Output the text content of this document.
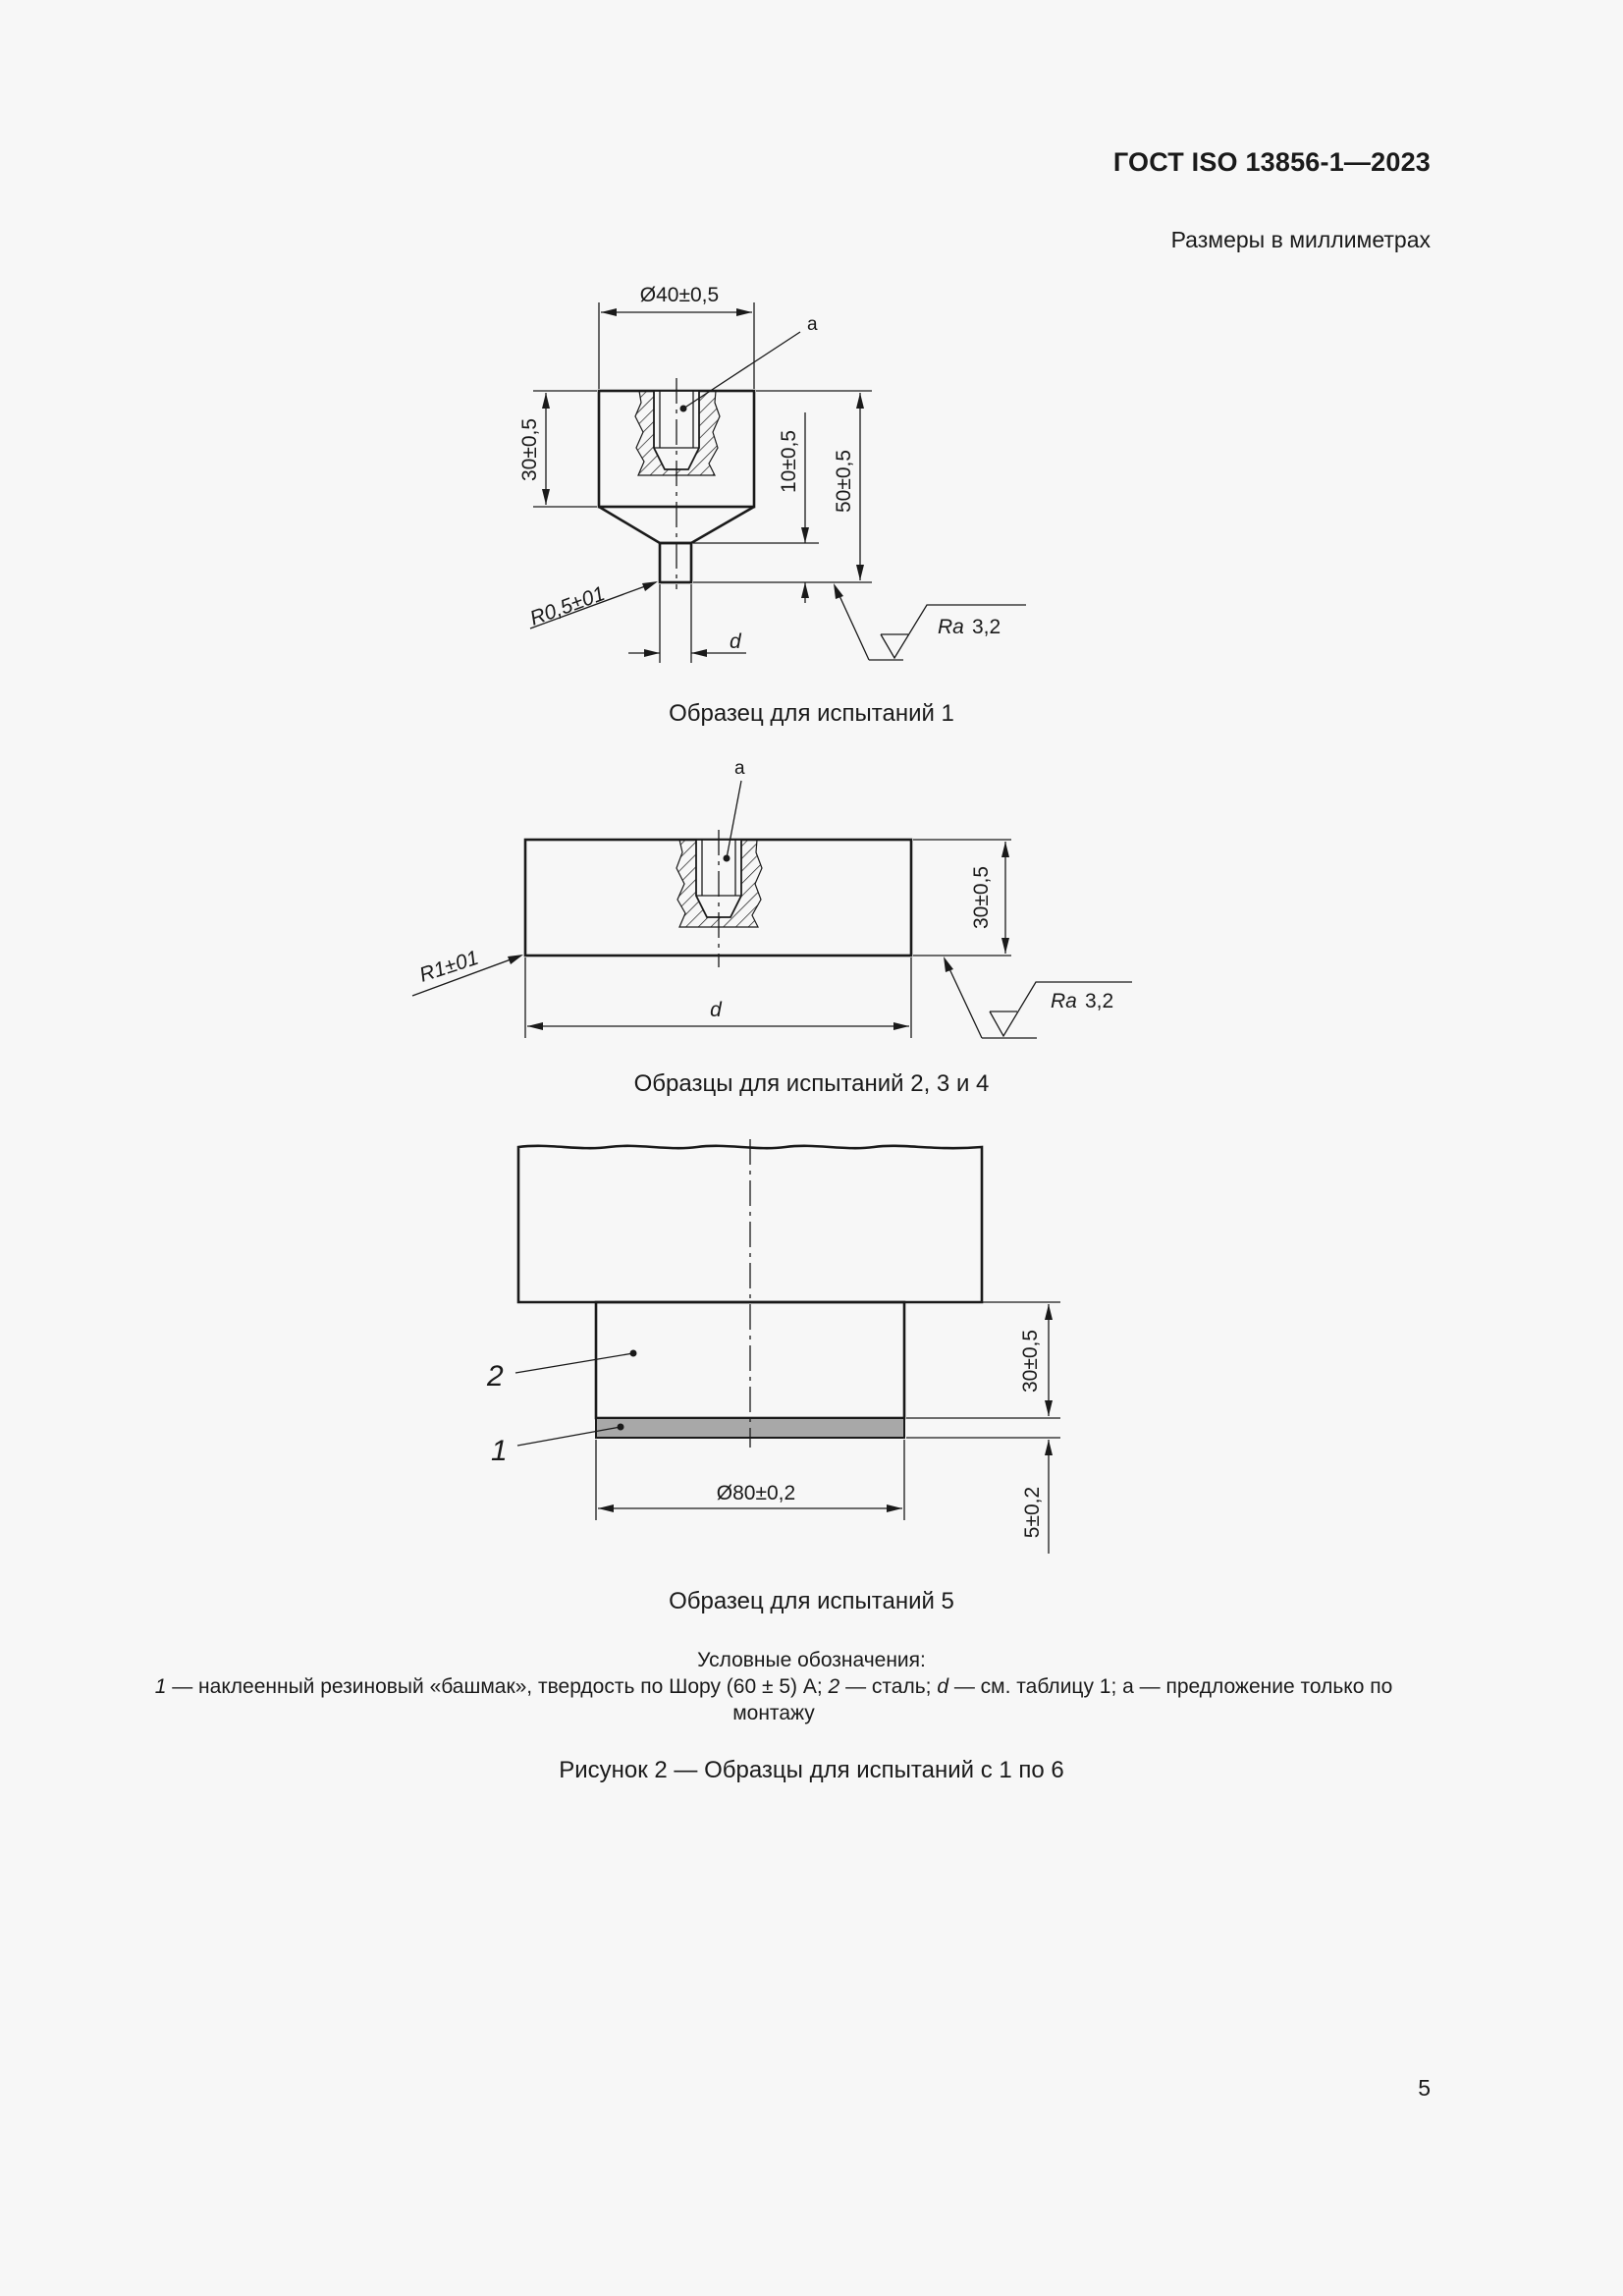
ГОСТ ISO 13856-1—2023
Размеры в миллиметрах
Ø40±0,5
a
30±0,5	10±0,5 50±0,5
R0,5±01
d
Ra 3,2
a
30±0,5
R1±01
d	Ra 3,2
2
1
30±0,5
5±0,2
Ø80±0,2
Образец для испытаний 1
Образцы для испытаний 2, 3 и 4
Образец для испытаний 5
Условные обозначения:
1 — наклеенный резиновый «башмак», твердость по Шору (60 ± 5) А; 2 — сталь; d — см. таблицу 1; а — предложение только по монтажу
Рисунок 2 — Образцы для испытаний с 1 по 6
5
